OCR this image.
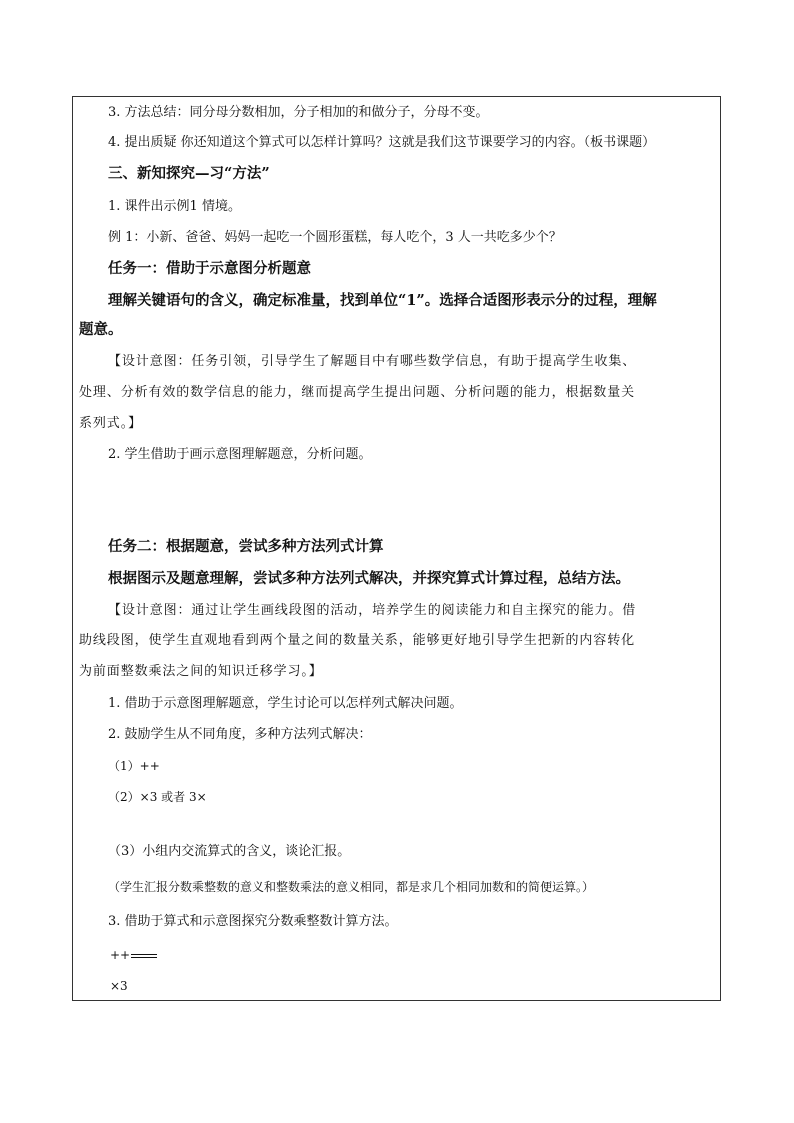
3. 方法总结：同分母分数相加，分子相加的和做分子，分母不变。
4. 提出质疑 你还知道这个算式可以怎样计算吗？这就是我们这节课要学习的内容。（板书课题）
三、新知探究—习“方法”
1. 课件出示例1 情境。
例 1：小新、爸爸、妈妈一起吃一个圆形蛋糕，每人吃个，3 人一共吃多少个？
任务一：借助于示意图分析题意
理解关键语句的含义，确定标准量，找到单位“1”。选择合适图形表示分的过程，理解
题意。
【设计意图：任务引领，引导学生了解题目中有哪些数学信息，有助于提高学生收集、
处理、分析有效的数学信息的能力，继而提高学生提出问题、分析问题的能力，根据数量关
系列式。】
2. 学生借助于画示意图理解题意，分析问题。
任务二：根据题意，尝试多种方法列式计算
根据图示及题意理解，尝试多种方法列式解决，并探究算式计算过程，总结方法。
【设计意图：通过让学生画线段图的活动，培养学生的阅读能力和自主探究的能力。借
助线段图，使学生直观地看到两个量之间的数量关系，能够更好地引导学生把新的内容转化
为前面整数乘法之间的知识迁移学习。】
1. 借助于示意图理解题意，学生讨论可以怎样列式解决问题。
2. 鼓励学生从不同角度，多种方法列式解决：
（1）++
（2）×3 或者 3×
（3）小组内交流算式的含义，谈论汇报。
（学生汇报分数乘整数的意义和整数乘法的意义相同，都是求几个相同加数和的简便运算。）
3. 借助于算式和示意图探究分数乘整数计算方法。
++
×3
